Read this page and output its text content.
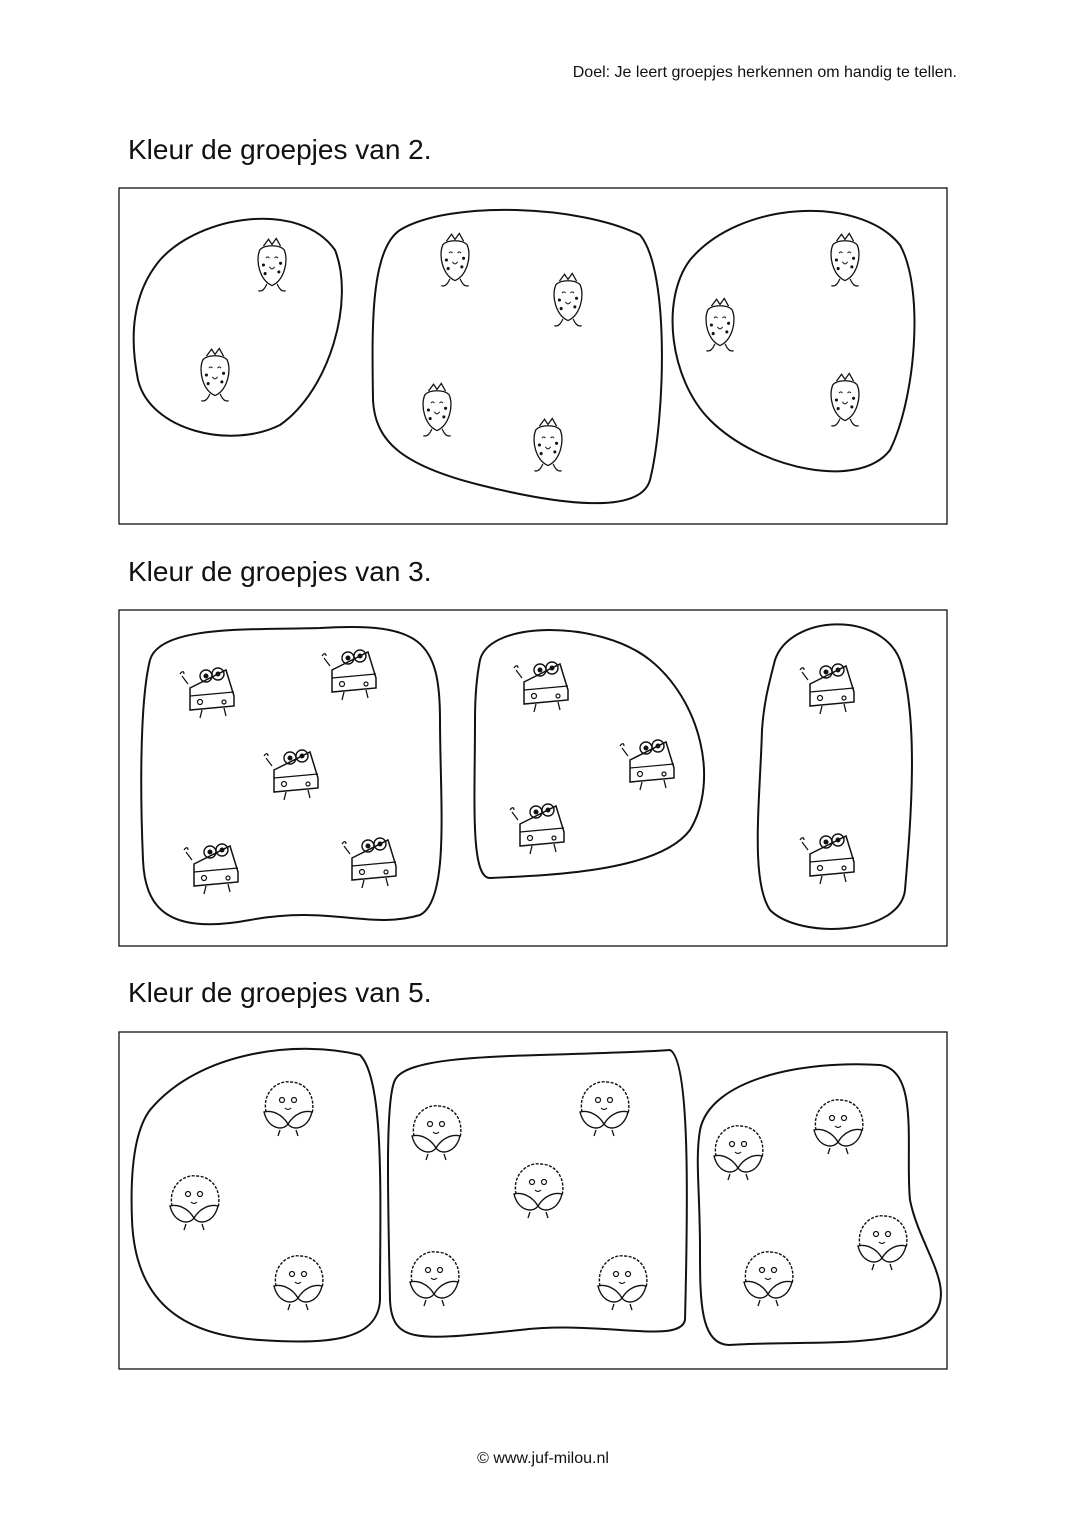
Doel: Je leert groepjes herkennen om handig te tellen.
Kleur de groepjes van 2.
Kleur de groepjes van 3.
Kleur de groepjes van 5.
© www.juf-milou.nl
